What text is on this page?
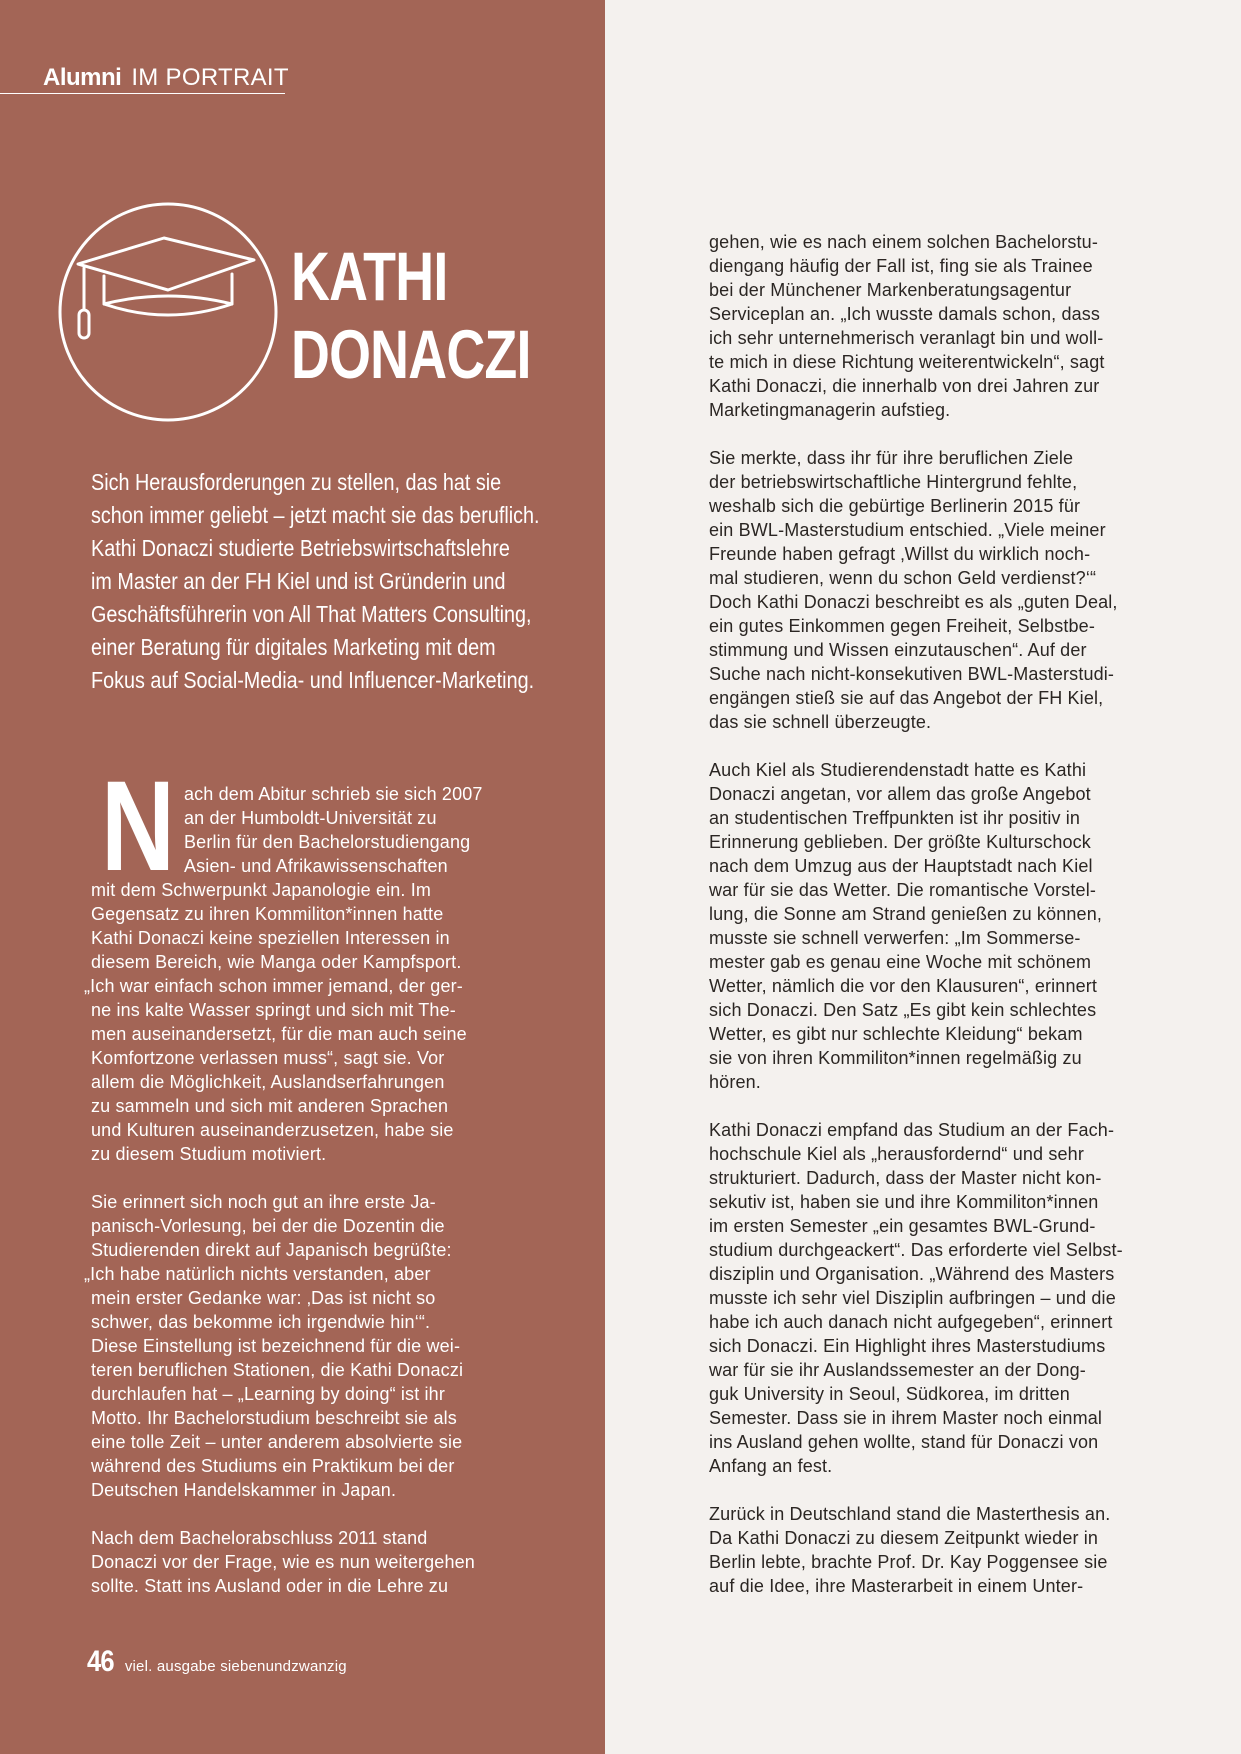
Alumni IM PORTRAIT
KATHI
DONACZI
Sich Herausforderungen zu stellen, das hat sie
schon immer geliebt – jetzt macht sie das beruflich.
Kathi Donaczi studierte Betriebswirtschaftslehre
im Master an der FH Kiel und ist Gründerin und
Geschäftsführerin von All That Matters Consulting,
einer Beratung für digitales Marketing mit dem
Fokus auf Social-Media- und Influencer-Marketing.
N ach dem Abitur schrieb sie sich 2007
an der Humboldt-Universität zu
Berlin für den Bachelorstudiengang
Asien- und Afrikawissenschaften
mit dem Schwerpunkt Japanologie ein. Im
Gegensatz zu ihren Kommiliton*innen hatte
Kathi Donaczi keine speziellen Interessen in
diesem Bereich, wie Manga oder Kampfsport.
„Ich war einfach schon immer jemand, der ger-
ne ins kalte Wasser springt und sich mit The-
men auseinandersetzt, für die man auch seine
Komfortzone verlassen muss“, sagt sie. Vor
allem die Möglichkeit, Auslandserfahrungen
zu sammeln und sich mit anderen Sprachen
und Kulturen auseinanderzusetzen, habe sie
zu diesem Studium motiviert.
Sie erinnert sich noch gut an ihre erste Ja-
panisch-Vorlesung, bei der die Dozentin die
Studierenden direkt auf Japanisch begrüßte:
„Ich habe natürlich nichts verstanden, aber
mein erster Gedanke war: ‚Das ist nicht so
schwer, das bekomme ich irgendwie hin‘“.
Diese Einstellung ist bezeichnend für die wei-
teren beruflichen Stationen, die Kathi Donaczi
durchlaufen hat – „Learning by doing“ ist ihr
Motto. Ihr Bachelorstudium beschreibt sie als
eine tolle Zeit – unter anderem absolvierte sie
während des Studiums ein Praktikum bei der
Deutschen Handelskammer in Japan.
Nach dem Bachelorabschluss 2011 stand
Donaczi vor der Frage, wie es nun weitergehen
sollte. Statt ins Ausland oder in die Lehre zu
gehen, wie es nach einem solchen Bachelorstu-
diengang häufig der Fall ist, fing sie als Trainee
bei der Münchener Markenberatungsagentur
Serviceplan an. „Ich wusste damals schon, dass
ich sehr unternehmerisch veranlagt bin und woll-
te mich in diese Richtung weiterentwickeln“, sagt
Kathi Donaczi, die innerhalb von drei Jahren zur
Marketingmanagerin aufstieg.
Sie merkte, dass ihr für ihre beruflichen Ziele
der betriebswirtschaftliche Hintergrund fehlte,
weshalb sich die gebürtige Berlinerin 2015 für
ein BWL-Masterstudium entschied. „Viele meiner
Freunde haben gefragt ‚Willst du wirklich noch-
mal studieren, wenn du schon Geld verdienst?‘“
Doch Kathi Donaczi beschreibt es als „guten Deal,
ein gutes Einkommen gegen Freiheit, Selbstbe-
stimmung und Wissen einzutauschen“. Auf der
Suche nach nicht-konsekutiven BWL-Masterstudi-
engängen stieß sie auf das Angebot der FH Kiel,
das sie schnell überzeugte.
Auch Kiel als Studierendenstadt hatte es Kathi
Donaczi angetan, vor allem das große Angebot
an studentischen Treffpunkten ist ihr positiv in
Erinnerung geblieben. Der größte Kulturschock
nach dem Umzug aus der Hauptstadt nach Kiel
war für sie das Wetter. Die romantische Vorstel-
lung, die Sonne am Strand genießen zu können,
musste sie schnell verwerfen: „Im Sommerse-
mester gab es genau eine Woche mit schönem
Wetter, nämlich die vor den Klausuren“, erinnert
sich Donaczi. Den Satz „Es gibt kein schlechtes
Wetter, es gibt nur schlechte Kleidung“ bekam
sie von ihren Kommiliton*innen regelmäßig zu
hören.
Kathi Donaczi empfand das Studium an der Fach-
hochschule Kiel als „herausfordernd“ und sehr
strukturiert. Dadurch, dass der Master nicht kon-
sekutiv ist, haben sie und ihre Kommiliton*innen
im ersten Semester „ein gesamtes BWL-Grund-
studium durchgeackert“. Das erforderte viel Selbst-
disziplin und Organisation. „Während des Masters
musste ich sehr viel Disziplin aufbringen – und die
habe ich auch danach nicht aufgegeben“, erinnert
sich Donaczi. Ein Highlight ihres Masterstudiums
war für sie ihr Auslandssemester an der Dong-
guk University in Seoul, Südkorea, im dritten
Semester. Dass sie in ihrem Master noch einmal
ins Ausland gehen wollte, stand für Donaczi von
Anfang an fest.
Zurück in Deutschland stand die Masterthesis an.
Da Kathi Donaczi zu diesem Zeitpunkt wieder in
Berlin lebte, brachte Prof. Dr. Kay Poggensee sie
auf die Idee, ihre Masterarbeit in einem Unter-
46 viel. ausgabe siebenundzwanzig
